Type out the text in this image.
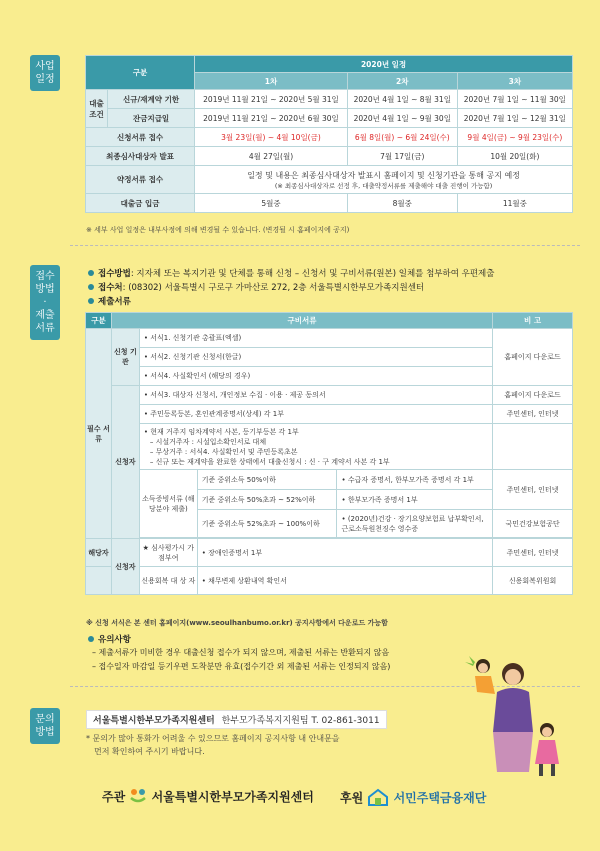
사업
일정
구분		2020년 일정		
		1차	2차	3차
대출 조건	신규/재계약 기한	2019년 11월 21일 ~ 2020년 5월 31일	2020년 4월 1일 ~ 8월 31일	2020년 7월 1일 ~ 11월 30일
	잔금지급일	2019년 11월 21일 ~ 2020년 6월 30일	2020년 4월 1일 ~ 9월 30일	2020년 7월 1일 ~ 12월 31일
신청서류 접수		3월 23일(월) ~ 4월 10일(금)	6월 8일(월) ~ 6월 24일(수)	9월 4일(금) ~ 9월 23일(수)
최종심사대상자 발표		4월 27일(월)	7월 17일(금)	10월 20일(화)
약정서류 접수		일정 및 내용은 최종심사대상자 발표시 홈페이지 및 신청기관을 통해 공지 예정
(※ 최종심사대상자로 선정 후, 대출약정서류를 제출해야 대출 진행이 가능함)		

대출금 입금		5월중	8월중	11월중
※ 세부 사업 일정은 내부사정에 의해 변경될 수 있습니다. (변경될 시 홈페이지에 공지)
접수
방법
·
제출
서류
접수방법: 지자체 또는 복지기관 및 단체를 통해 신청 – 신청서 및 구비서류(원본) 일체를 첨부하여 우편제출
접수처: (08302) 서울특별시 구로구 가마산로 272, 2층 서울특별시한부모가족지원센터
제출서류
구분	구비서류				비 고
필수 서류	신청 기관	• 서식1. 신청기관 총괄표(엑셀)			홈페이지 다운로드
		• 서식2. 신청기관 신청서(한글)			
		• 서식4. 사실확인서 (해당의 경우)			
	신청자	• 서식3. 대상자 신청서, 개인정보 수집 · 이용 · 제공 동의서			홈페이지 다운로드
		• 주민등록등본, 혼인관계증명서(상세) 각 1부			주민센터, 인터넷

		• 현재 거주지 임차계약서 사본, 등기부등본 각 1부
– 시설거주자 : 시설입소확인서로 대체
– 무상거주 : 서식4. 사실확인서 및 주민등록초본
– 신규 또는 재계약을 완료한 상태에서 대출신청시 : 신 · 구 계약서 사본 각 1부			

		소득증빙서류 (해당분야 제출)	기준 중위소득 50%이하	• 수급자 증명서, 한부모가족 증명서 각 1부	주민센터, 인터넷
			기준 중위소득 50%초과 ~ 52%이하	• 한부모가족 증명서 1부	
			기준 중위소득 52%초과 ~ 100%이하	• (2020년)건강 · 장기요양보험료 납부확인서, 근로소득원천징수 영수증	국민건강보험공단

해당자	신청자	★ 심사평가시 가점부여	• 장애인증명서 1부		주민센터, 인터넷
		신용회복 대 상 자	• 채무변제 상환내역 확인서		신용회복위원회
※ 신청 서식은 본 센터 홈페이지(www.seoulhanbumo.or.kr) 공지사항에서 다운로드 가능함
유의사항
– 제출서류가 미비한 경우 대출신청 접수가 되지 않으며, 제출된 서류는 반환되지 않음
– 접수일자 마감일 등기우편 도착분만 유효(접수기간 외 제출된 서류는 인정되지 않음)
문의
방법
서울특별시한부모가족지원센터 한부모가족복지지원팀 T. 02-861-3011
* 문의가 많아 통화가 어려울 수 있으므로 홈페이지 공지사항 내 안내문을
먼저 확인하여 주시기 바랍니다.
주관 서울특별시한부모가족지원센터 후원	서민주택금융재단
